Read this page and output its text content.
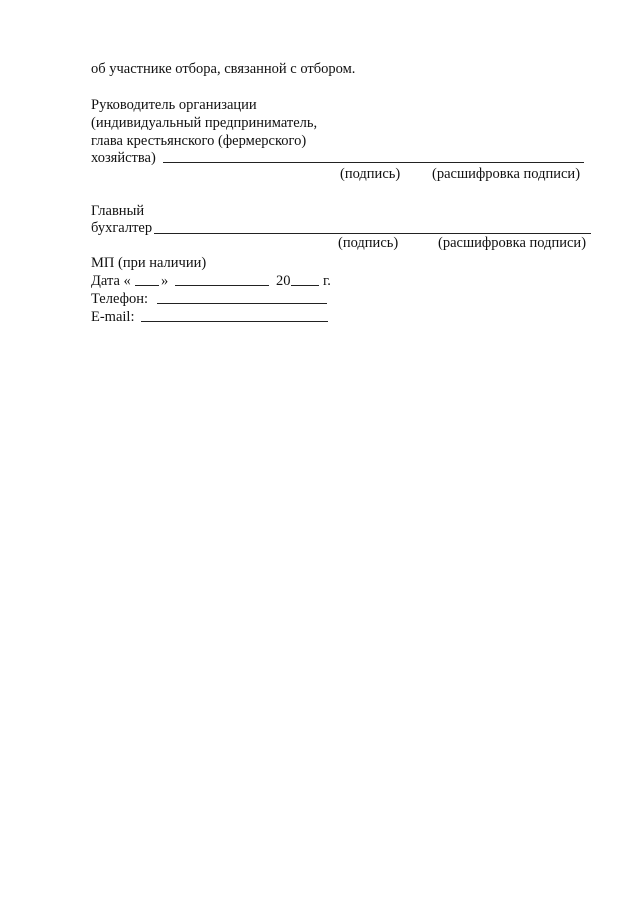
об участнике отбора, связанной с отбором.
Руководитель организации
(индивидуальный предприниматель,
глава крестьянского (фермерского)
хозяйства)
(подпись) (расшифровка подписи)
Главный
бухгалтер
(подпись)	(расшифровка подписи)
МП (при наличии)
Дата « »	20 г.
Телефон:
E-mail:
